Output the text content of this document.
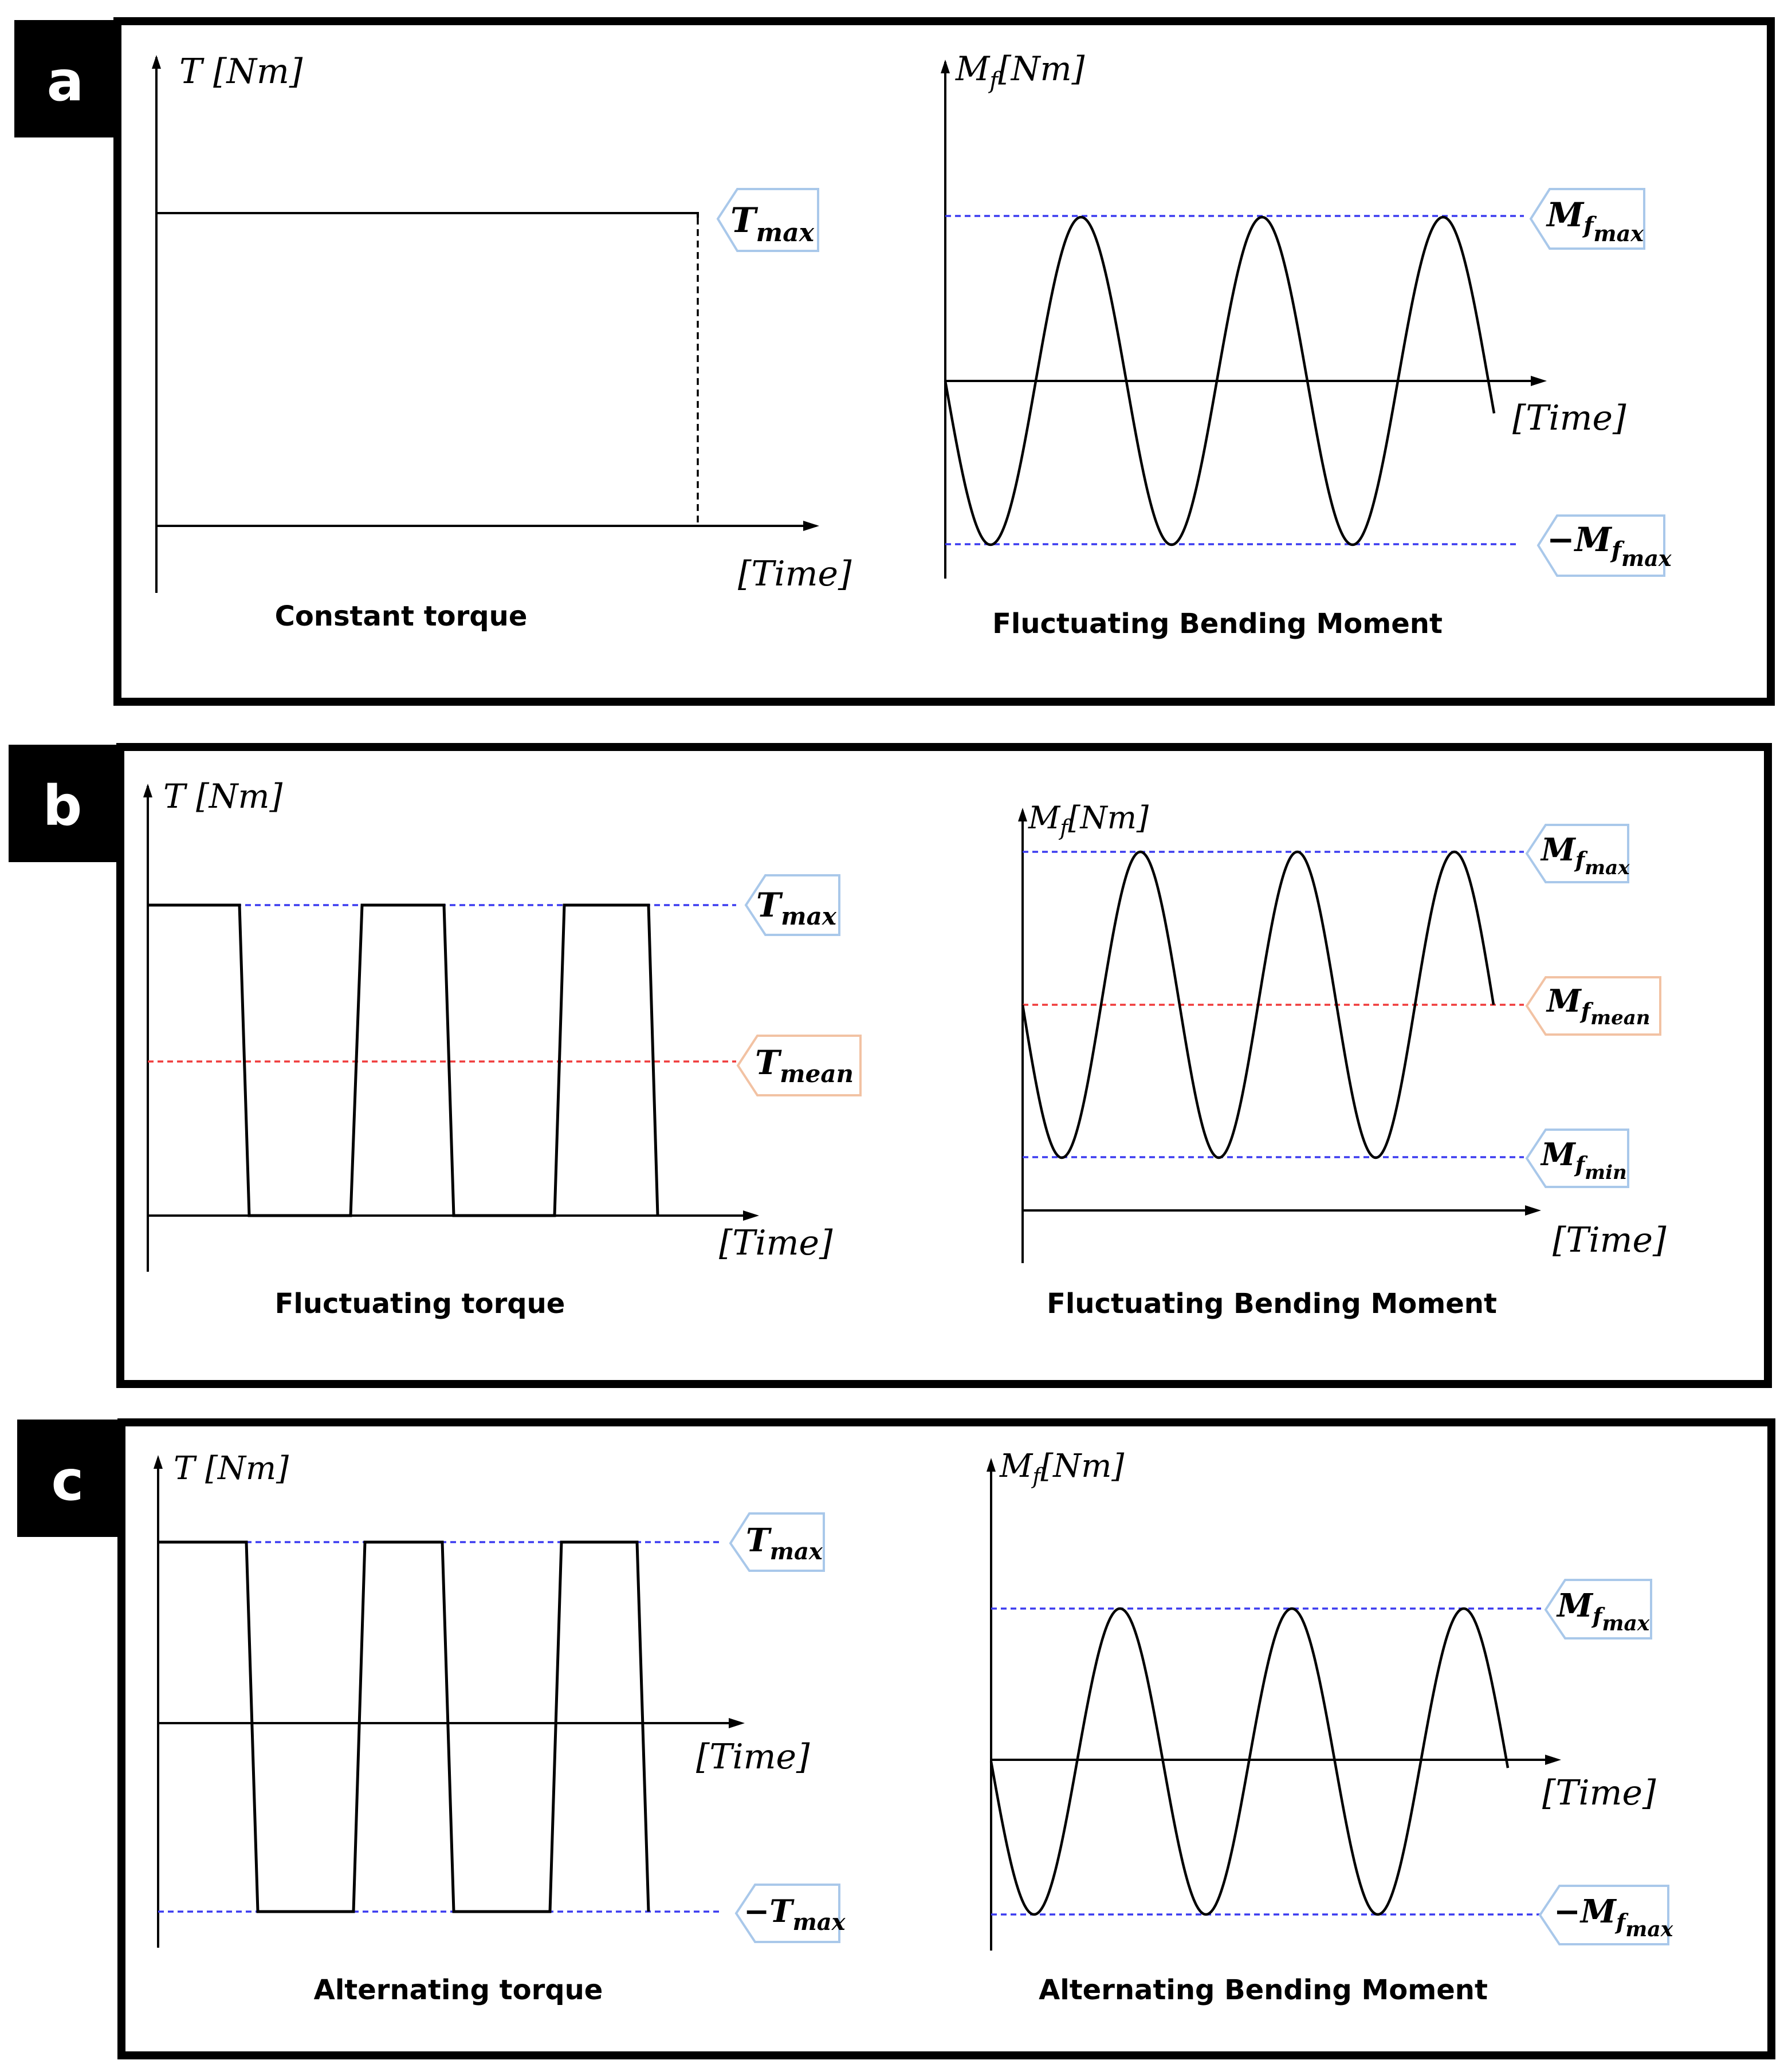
a	T [Nm]
[Time]
Tmax
Constant torque
Mf[Nm]
[Time]
Mfmax
−Mfmax
Fluctuating Bending Moment
b T [Nm]
[Time]
Tmax
Tmean
Fluctuating torque
Mf[Nm]
[Time]
Mfmax
Mfmean
Mfmin
Fluctuating Bending Moment
c	T [Nm]
[Time]
Tmax
−Tmax
Alternating torque
Mf[Nm]
[Time]
Mfmax
−Mfmax
Alternating Bending Moment
